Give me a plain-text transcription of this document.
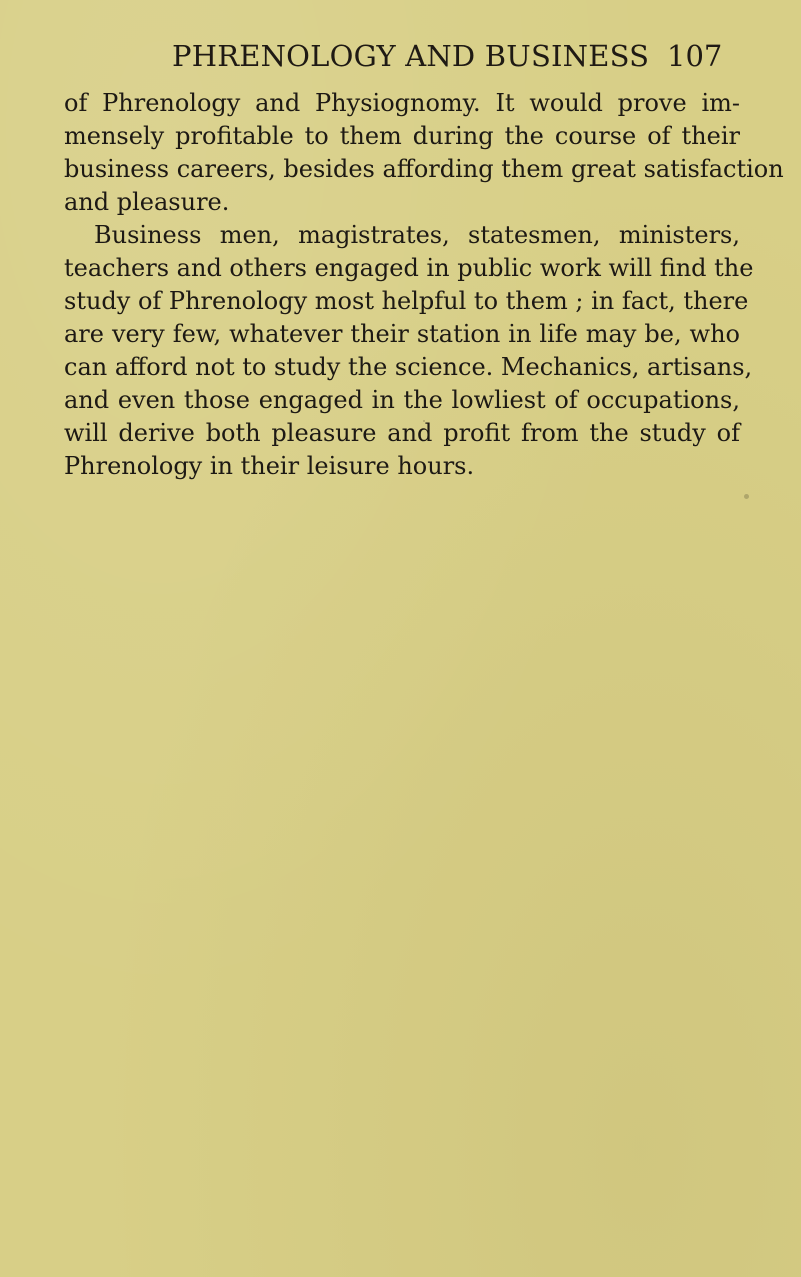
PHRENOLOGY AND BUSINESS 107
of Phrenology and Physiognomy. It would prove im-
mensely profitable to them during the course of their
business careers, besides affording them great satisfaction
and pleasure.
Business men, magistrates, statesmen, ministers,
teachers and others engaged in public work will find the
study of Phrenology most helpful to them ; in fact, there
are very few, whatever their station in life may be, who
can afford not to study the science. Mechanics, artisans,
and even those engaged in the lowliest of occupations,
will derive both pleasure and profit from the study of
Phrenology in their leisure hours.
